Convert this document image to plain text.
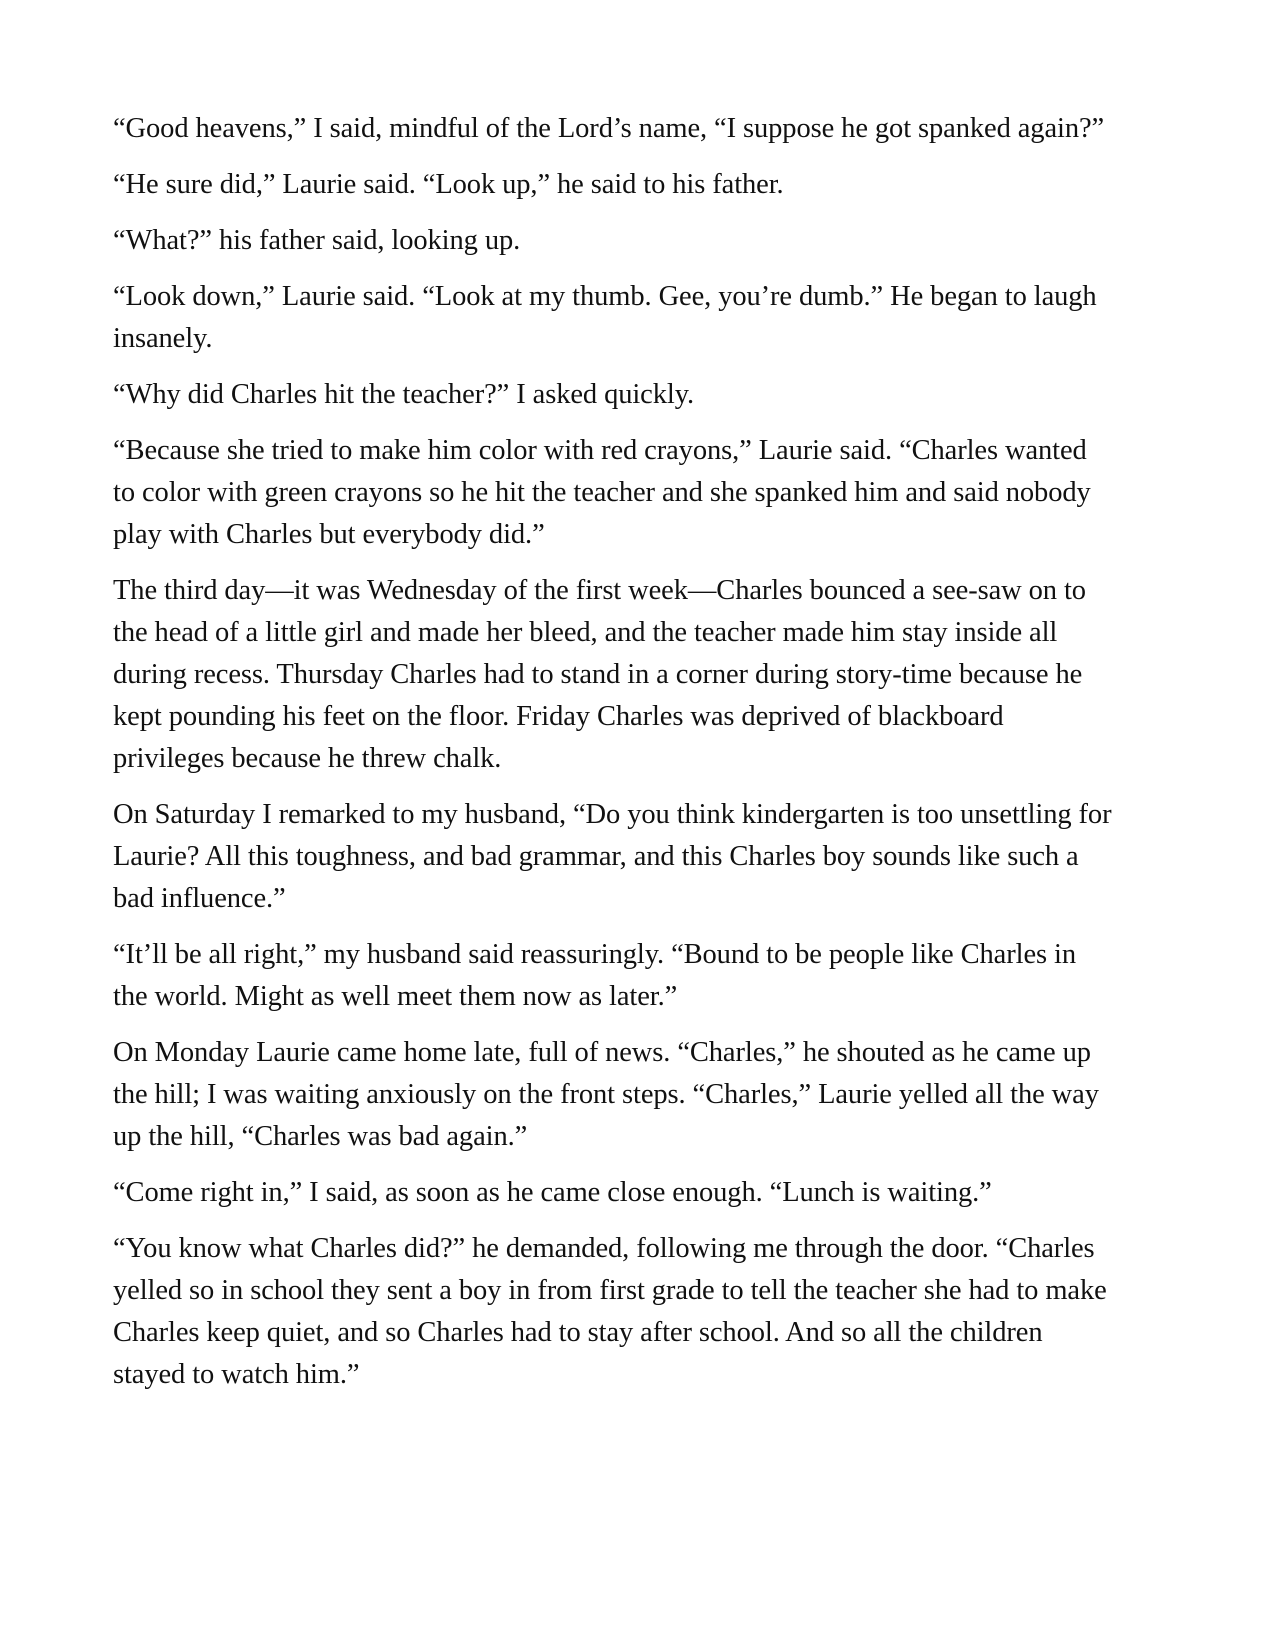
“Good heavens,” I said, mindful of the Lord’s name, “I suppose he got spanked again?”

“He sure did,” Laurie said. “Look up,” he said to his father.

“What?” his father said, looking up.

“Look down,” Laurie said. “Look at my thumb. Gee, you’re dumb.” He began to laugh insanely.

“Why did Charles hit the teacher?” I asked quickly.

“Because she tried to make him color with red crayons,” Laurie said. “Charles wanted to color with green crayons so he hit the teacher and she spanked him and said nobody play with Charles but everybody did.”

The third day—it was Wednesday of the first week—Charles bounced a see-saw on to the head of a little girl and made her bleed, and the teacher made him stay inside all during recess. Thursday Charles had to stand in a corner during story-time because he kept pounding his feet on the floor. Friday Charles was deprived of blackboard privileges because he threw chalk.

On Saturday I remarked to my husband, “Do you think kindergarten is too unsettling for Laurie? All this toughness, and bad grammar, and this Charles boy sounds like such a bad influence.”

“It’ll be all right,” my husband said reassuringly. “Bound to be people like Charles in the world. Might as well meet them now as later.”

On Monday Laurie came home late, full of news. “Charles,” he shouted as he came up the hill; I was waiting anxiously on the front steps. “Charles,” Laurie yelled all the way up the hill, “Charles was bad again.”

“Come right in,” I said, as soon as he came close enough. “Lunch is waiting.”

“You know what Charles did?” he demanded, following me through the door. “Charles yelled so in school they sent a boy in from first grade to tell the teacher she had to make Charles keep quiet, and so Charles had to stay after school. And so all the children stayed to watch him.”
